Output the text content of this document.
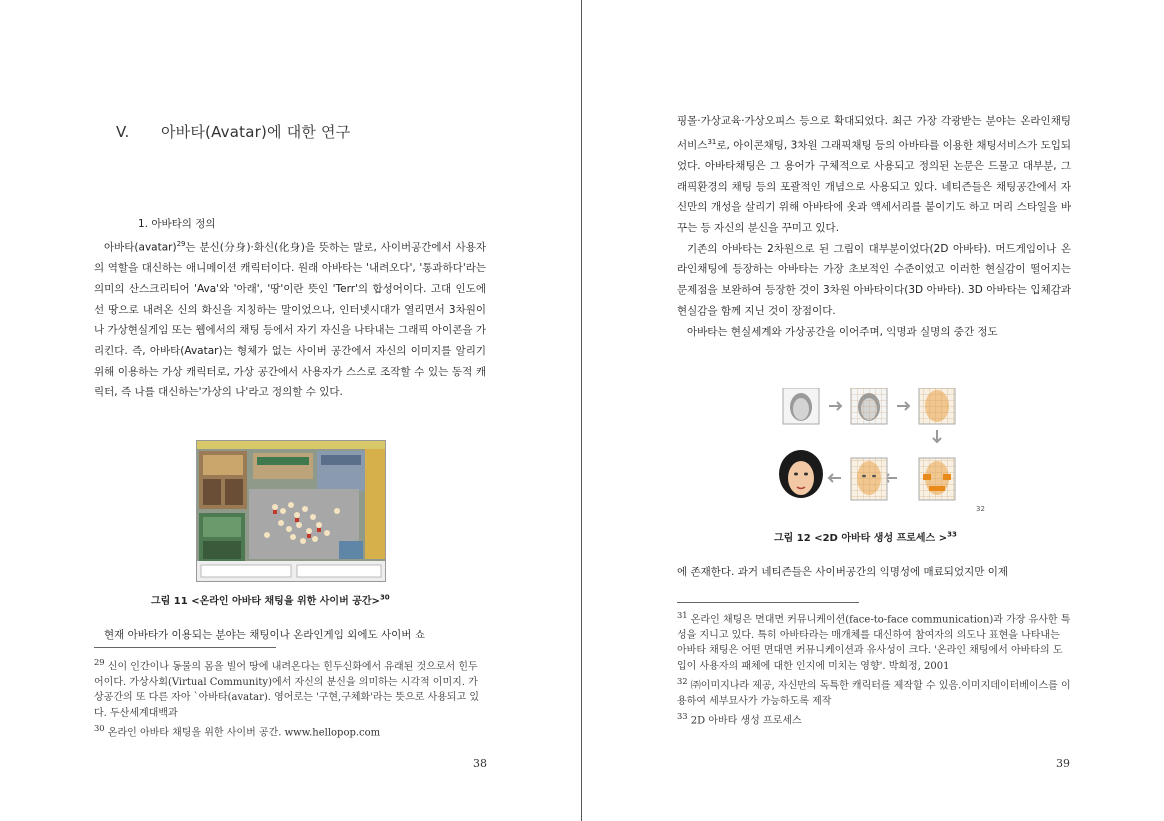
V. 아바타(Avatar)에 대한 연구
1. 아바타의 정의

아바타(avatar)$^{29}$는 분신(分身)·화신(化身)을 뜻하는 말로, 사이버공간에서 사용자의 역할을 대신하는 애니메이션 캐릭터이다. 원래 아바타는 '내려오다', '통과하다'라는 의미의 산스크리티어 'Ava'와 '아래', '땅'이란 뜻인 'Terr'의 합성어이다. 고대 인도에선 땅으로 내려온 신의 화신을 지칭하는 말이었으나, 인터넷시대가 열리면서 3차원이나 가상현실게임 또는 웹에서의 채팅 등에서 자기 자신을 나타내는 그래픽 아이콘을 가리킨다. 즉, 아바타(Avatar)는 형체가 없는 사이버 공간에서 자신의 이미지를 알리기 위해 이용하는 가상 캐릭터로, 가상 공간에서 사용자가 스스로 조작할 수 있는 동적 캐릭터, 즉 나를 대신하는'가상의 나'라고 정의할 수 있다.

그림 11 <온라인 아바타 채팅을 위한 사이버 공간>$^{30}$

현재 아바타가 이용되는 분야는 채팅이나 온라인게임 외에도 사이버 쇼

$^{29}$ 신이 인간이나 동물의 몸을 빌어 땅에 내려온다는 힌두신화에서 유래된 것으로서 힌두어이다. 가상사회(Virtual Community)에서 자신의 분신을 의미하는 시각적 이미지. 가상공간의 또 다른 자아 `아바타(avatar). 영어로는 '구현,구체화'라는 뜻으로 사용되고 있다. 두산세계대백과

$^{30}$ 온라인 아바타 채팅을 위한 사이버 공간. www.hellopop.com

38

핑몰·가상교육·가상오피스 등으로 확대되었다. 최근 가장 각광받는 분야는 온라인채팅서비스$^{31}$로, 아이콘채팅, 3차원 그래픽채팅 등의 아바타를 이용한 채팅서비스가 도입되었다. 아바타채팅은 그 용어가 구체적으로 사용되고 정의된 논문은 드물고 대부분, 그래픽환경의 채팅 등의 포괄적인 개념으로 사용되고 있다. 네티즌들은 채팅공간에서 자신만의 개성을 살리기 위해 아바타에 옷과 액세서리를 붙이기도 하고 머리 스타일을 바꾸는 등 자신의 분신을 꾸미고 있다.

기존의 아바타는 2차원으로 된 그림이 대부분이었다(2D 아바타). 머드게임이나 온라인채팅에 등장하는 아바타는 가장 초보적인 수준이었고 이러한 현실감이 떨어지는 문제점을 보완하여 등장한 것이 3차원 아바타이다(3D 아바타). 3D 아바타는 입체감과 현실감을 함께 지닌 것이 장점이다.

아바타는 현실세계와 가상공간을 이어주며, 익명과 실명의 중간 정도

32
그림 12 <2D 아바타 생성 프로세스 >$^{33}$

에 존재한다. 과거 네티즌들은 사이버공간의 익명성에 매료되었지만 이제

$^{31}$ 온라인 채팅은 면대면 커뮤니케이션(face-to-face communication)과 가장 유사한 특성을 지니고 있다. 특히 아바타라는 매개체를 대신하여 참여자의 의도나 표현을 나타내는 아바타 채팅은 어떤 면대면 커뮤니케이션과 유사성이 크다. '온라인 채팅에서 아바타의 도입이 사용자의 패체에 대한 인지에 미치는 영향'. 박희정, 2001

$^{32}$ ㈜이미지나라 제공, 자신만의 독특한 캐릭터를 제작할 수 있음.이미지데이터베이스를 이용하여 세부묘사가 가능하도록 제작

$^{33}$ 2D 아바타 생성 프로세스

39
